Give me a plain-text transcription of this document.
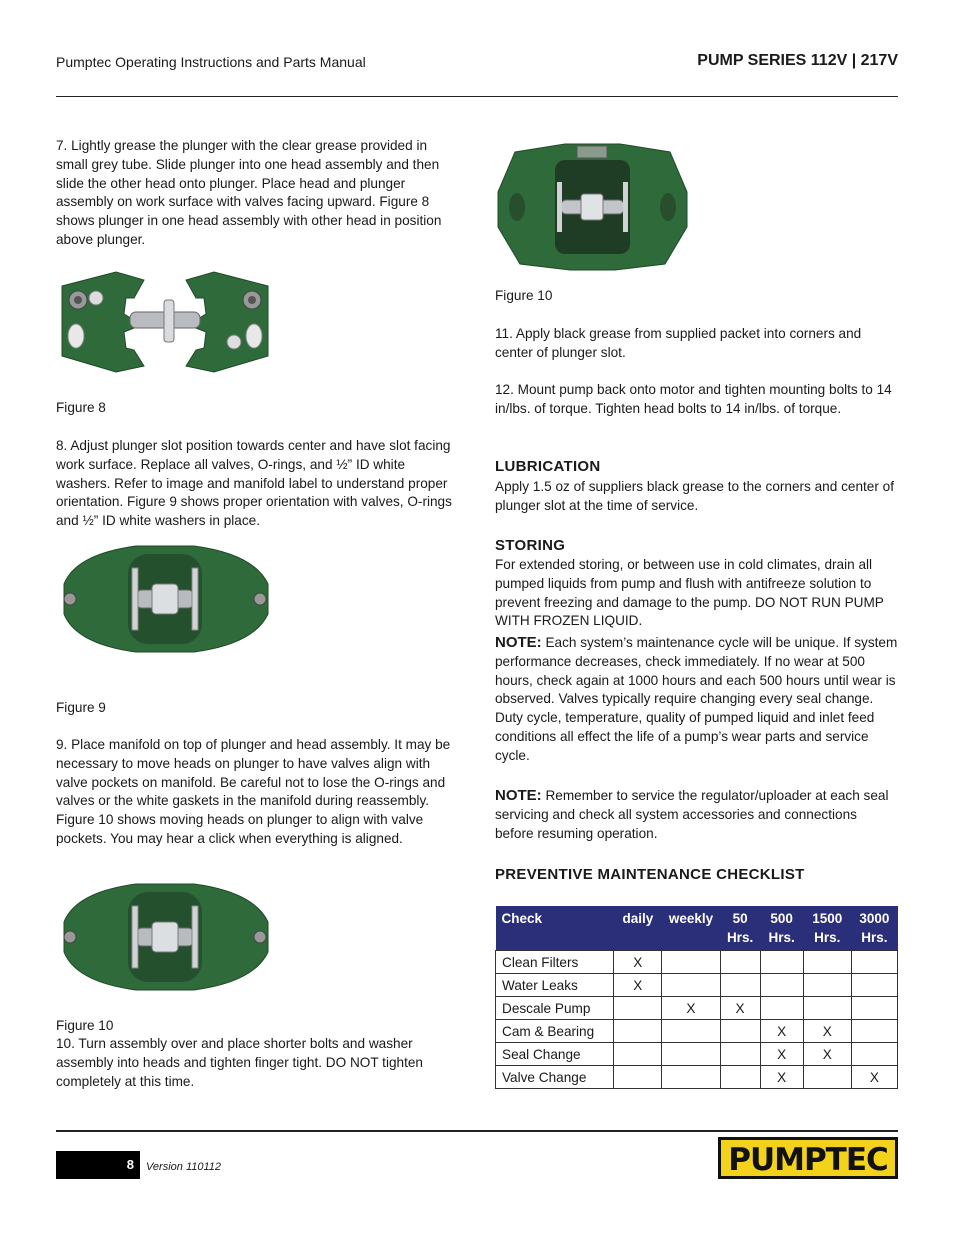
Pumptec Operating Instructions and Parts Manual	PUMP SERIES 112V | 217V

7. Lightly grease the plunger with the clear grease provided in small grey tube. Slide plunger into one head assembly and then slide the other head onto plunger. Place head and plunger assembly on work surface with valves facing upward. Figure 8 shows plunger in one head assembly with other head in position above plunger.

Figure 8

8. Adjust plunger slot position towards center and have slot facing work surface. Replace all valves, O-rings, and ½” ID white washers. Refer to image and manifold label to understand proper orientation. Figure 9 shows proper orientation with valves, O-rings and ½” ID white washers in place.

Figure 9

9. Place manifold on top of plunger and head assembly. It may be necessary to move heads on plunger to have valves align with valve pockets on manifold. Be careful not to lose the O-rings and valves or the white gaskets in the manifold during reassembly. Figure 10 shows moving heads on plunger to align with valve pockets. You may hear a click when everything is aligned.

Figure 10

10. Turn assembly over and place shorter bolts and washer assembly into heads and tighten finger tight. DO NOT tighten completely at this time.

Figure 10

11. Apply black grease from supplied packet into corners and center of plunger slot.

12. Mount pump back onto motor and tighten mounting bolts to 14 in/lbs. of torque. Tighten head bolts to 14 in/lbs. of torque.

LUBRICATION

Apply 1.5 oz of suppliers black grease to the corners and center of plunger slot at the time of service.

STORING

For extended storing, or between use in cold climates, drain all pumped liquids from pump and flush with antifreeze solution to prevent freezing and damage to the pump. DO NOT RUN PUMP WITH FROZEN LIQUID.

NOTE: Each system’s maintenance cycle will be unique. If system performance decreases, check immediately. If no wear at 500 hours, check again at 1000 hours and each 500 hours until wear is observed. Valves typically require changing every seal change. Duty cycle, temperature, quality of pumped liquid and inlet feed conditions all effect the life of a pump’s wear parts and service cycle.

NOTE: Remember to service the regulator/uploader at each seal servicing and check all system accessories and connections before resuming operation.

PREVENTIVE MAINTENANCE CHECKLIST
Check	daily	weekly	50 Hrs.	500 Hrs.	1500 Hrs.	3000 Hrs.
Clean Filters	X					
Water Leaks	X					
Descale Pump		X	X			
Cam & Bearing				X	X	
Seal Change				X	X	
Valve Change				X		X
8	Version 110112	PUMPTEC
